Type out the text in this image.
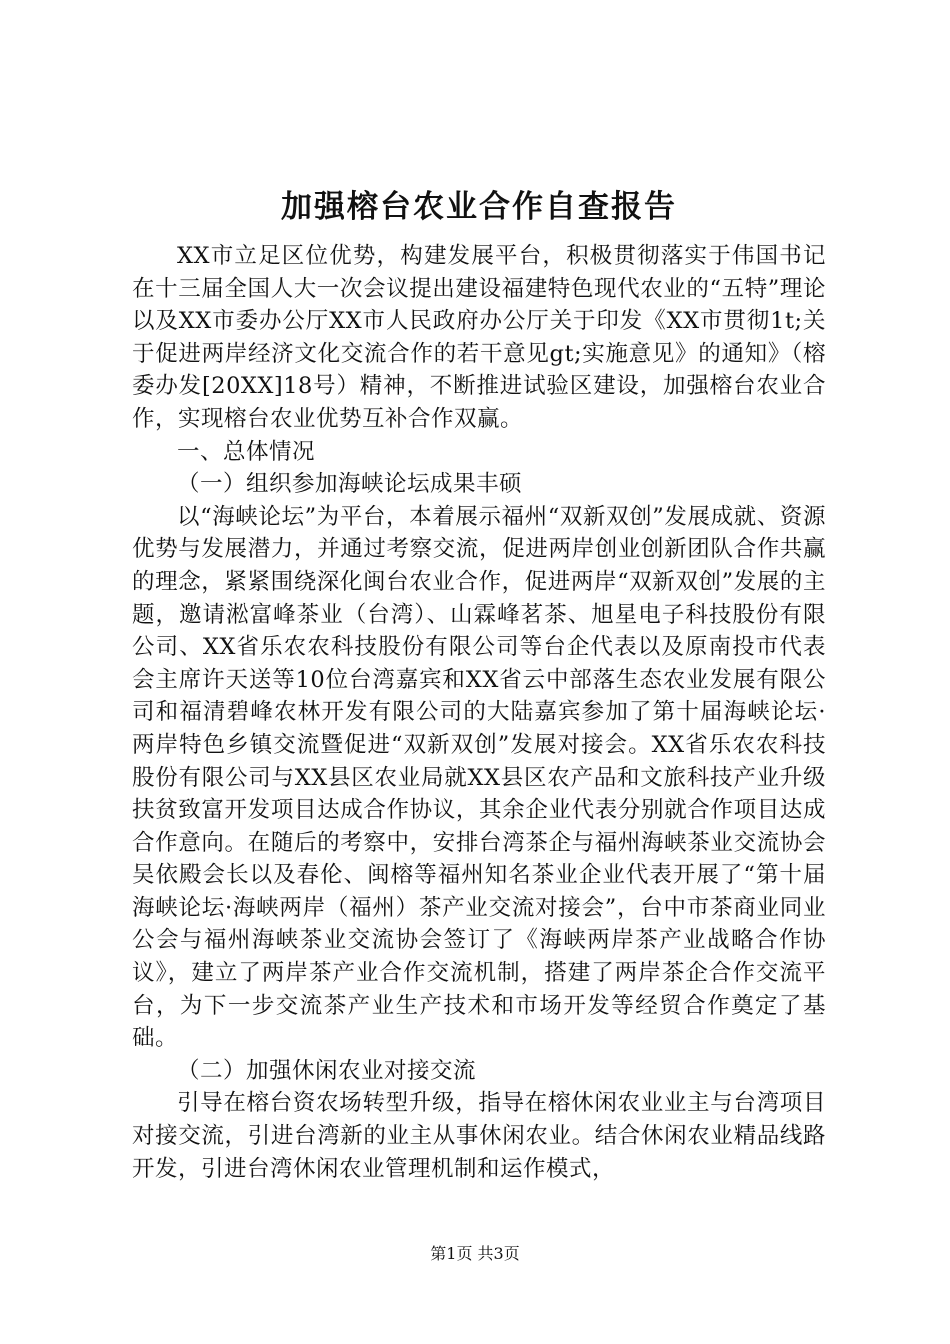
加强榕台农业合作自查报告

XX市立足区位优势，构建发展平台，积极贯彻落实于伟国书记在十三届全国人大一次会议提出建设福建特色现代农业的“五特”理论以及XX市委办公厅XX市人民政府办公厅关于印发《XX市贯彻1t;关于促进两岸经济文化交流合作的若干意见gt;实施意见》的通知》（榕委办发[20XX]18号）精神，不断推进试验区建设，加强榕台农业合作，实现榕台农业优势互补合作双赢。

一、总体情况

（一）组织参加海峡论坛成果丰硕

以“海峡论坛”为平台，本着展示福州“双新双创”发展成就、资源优势与发展潜力，并通过考察交流，促进两岸创业创新团队合作共赢的理念，紧紧围绕深化闽台农业合作，促进两岸“双新双创”发展的主题，邀请淞富峰茶业（台湾）、山霖峰茗茶、旭星电子科技股份有限公司、XX省乐农农科技股份有限公司等台企代表以及原南投市代表会主席许天送等10位台湾嘉宾和XX省云中部落生态农业发展有限公司和福清碧峰农林开发有限公司的大陆嘉宾参加了第十届海峡论坛·两岸特色乡镇交流暨促进“双新双创”发展对接会。XX省乐农农科技股份有限公司与XX县区农业局就XX县区农产品和文旅科技产业升级扶贫致富开发项目达成合作协议，其余企业代表分别就合作项目达成合作意向。在随后的考察中，安排台湾茶企与福州海峡茶业交流协会吴依殿会长以及春伦、闽榕等福州知名茶业企业代表开展了“第十届海峡论坛·海峡两岸（福州）茶产业交流对接会”，台中市茶商业同业公会与福州海峡茶业交流协会签订了《海峡两岸茶产业战略合作协议》，建立了两岸茶产业合作交流机制，搭建了两岸茶企合作交流平台，为下一步交流茶产业生产技术和市场开发等经贸合作奠定了基础。

（二）加强休闲农业对接交流

引导在榕台资农场转型升级，指导在榕休闲农业业主与台湾项目对接交流，引进台湾新的业主从事休闲农业。结合休闲农业精品线路开发，引进台湾休闲农业管理机制和运作模式，

第1页 共3页
